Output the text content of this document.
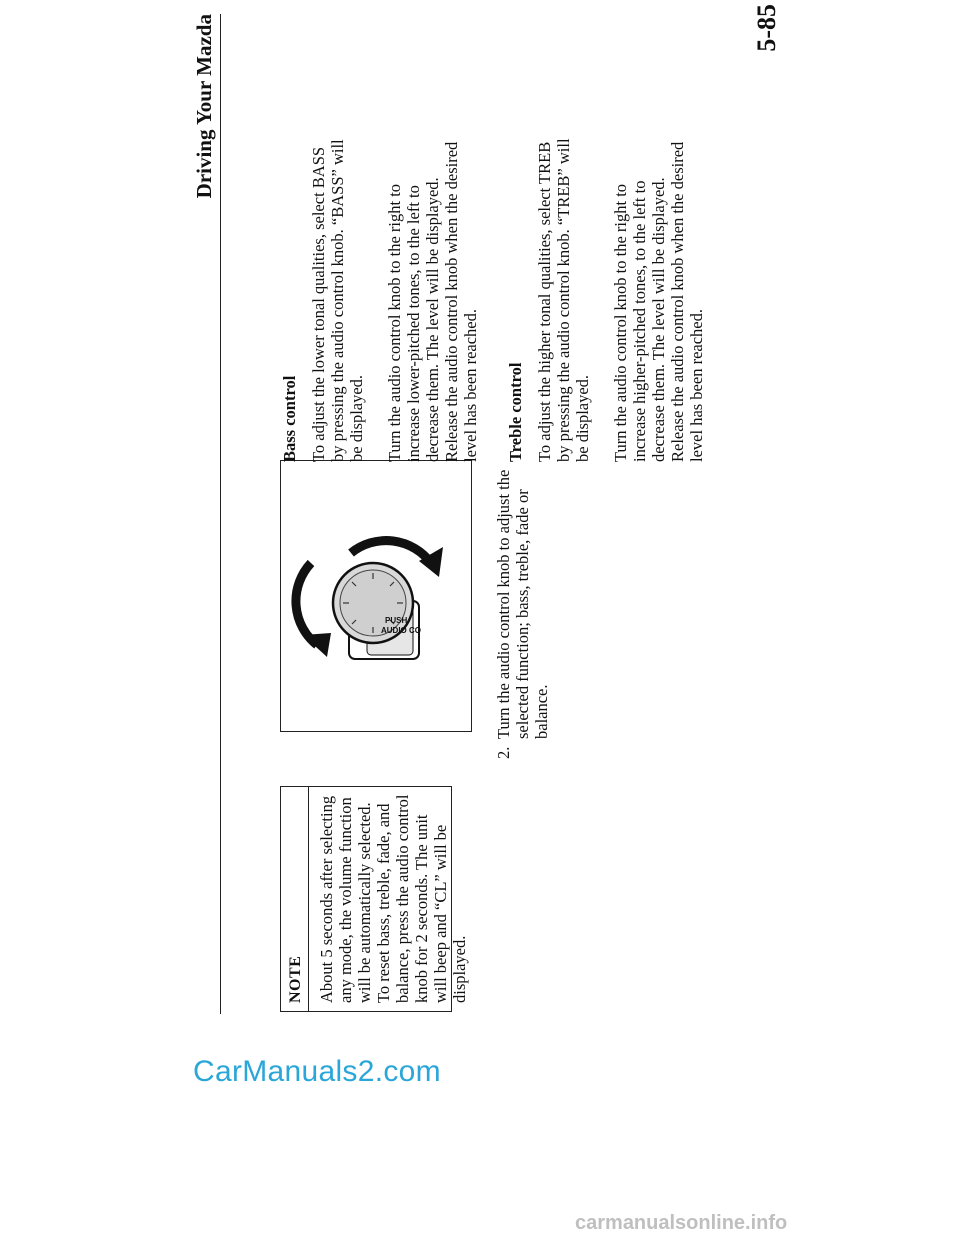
Driving Your Mazda	5-85
NOTE About 5 seconds after selecting any mode, the volume function will be automatically selected. To reset bass, treble, fade, and balance, press the audio control knob for 2 seconds. The unit will beep and “CL” will be displayed.
PUSH
AUDIO CO
2.
Turn the audio control knob to adjust the selected function; bass, treble, fade or balance.
Bass control To adjust the lower tonal qualities, select BASS by pressing the audio control knob. “BASS” will be displayed. Turn the audio control knob to the right to increase lower-pitched tones, to the left to decrease them. The level will be displayed. Release the audio control knob when the desired level has been reached. Treble control To adjust the higher tonal qualities, select TREB by pressing the audio control knob. “TREB” will be displayed. Turn the audio control knob to the right to increase higher-pitched tones, to the left to decrease them. The level will be displayed. Release the audio control knob when the desired level has been reached.
CarManuals2.com
carmanualsonline.info
